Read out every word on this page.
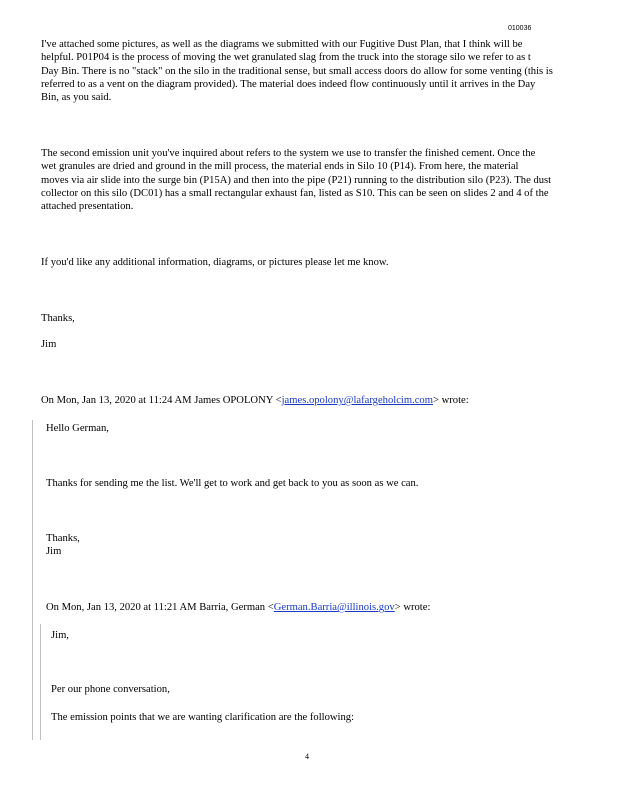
010036
I've attached some pictures, as well as the diagrams we submitted with our Fugitive Dust Plan, that I think will be
helpful. P01P04 is the process of moving the wet granulated slag from the truck into the storage silo we refer to as t
Day Bin. There is no "stack" on the silo in the traditional sense, but small access doors do allow for some venting (this is
referred to as a vent on the diagram provided). The material does indeed flow continuously until it arrives in the Day
Bin, as you said.
The second emission unit you've inquired about refers to the system we use to transfer the finished cement. Once the
wet granules are dried and ground in the mill process, the material ends in Silo 10 (P14). From here, the material
moves via air slide into the surge bin (P15A) and then into the pipe (P21) running to the distribution silo (P23). The dust
collector on this silo (DC01) has a small rectangular exhaust fan, listed as S10. This can be seen on slides 2 and 4 of the
attached presentation.
If you'd like any additional information, diagrams, or pictures please let me know.
Thanks,
Jim
On Mon, Jan 13, 2020 at 11:24 AM James OPOLONY <james.opolony@lafargeholcim.com> wrote:
Hello German,
Thanks for sending me the list. We'll get to work and get back to you as soon as we can.
Thanks,
Jim
On Mon, Jan 13, 2020 at 11:21 AM Barria, German <German.Barria@illinois.gov> wrote:
Jim,
Per our phone conversation,
The emission points that we are wanting clarification are the following:
4
